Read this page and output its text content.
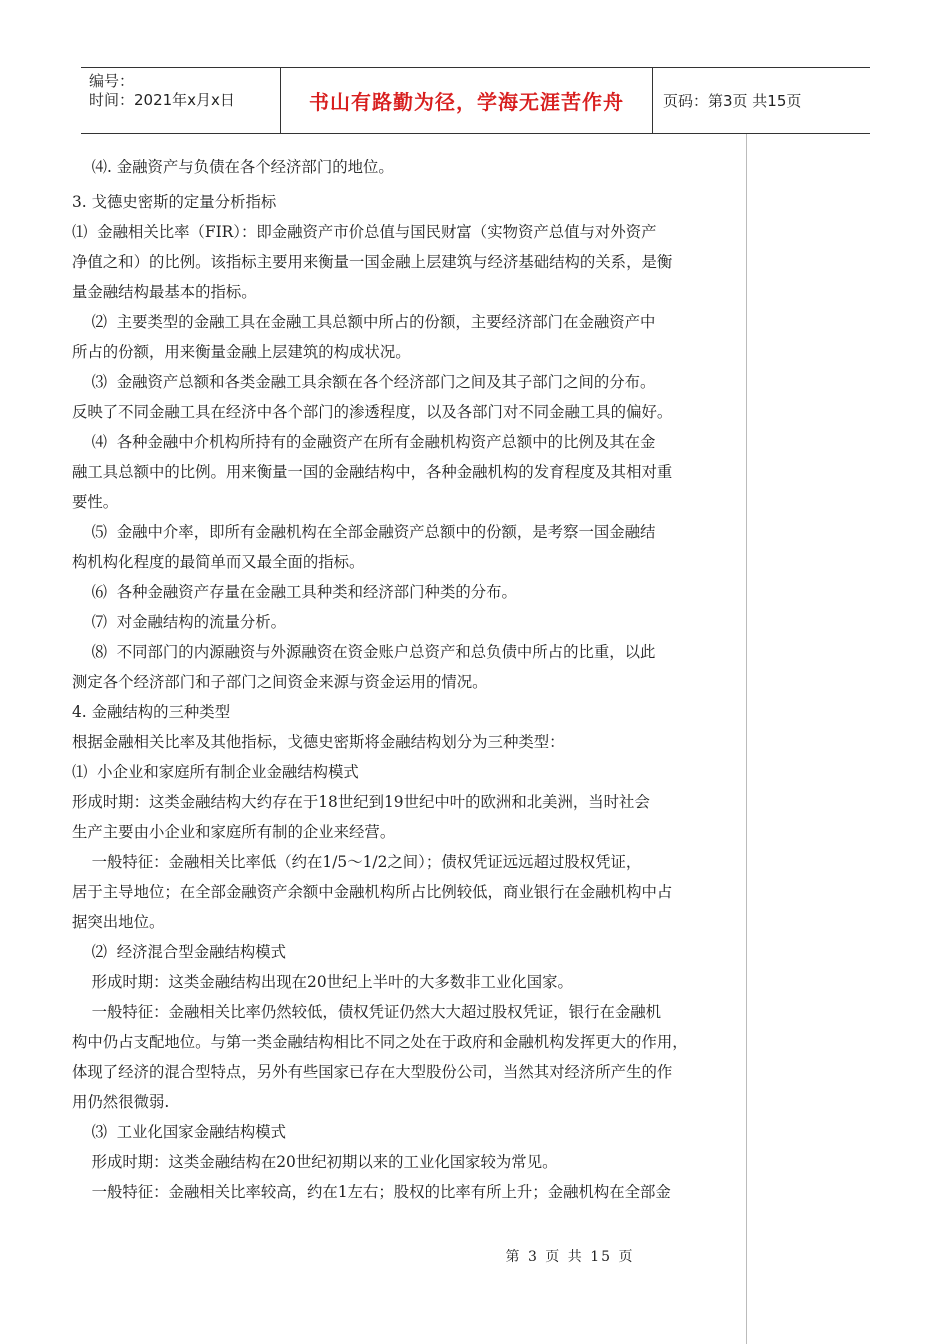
编号：
时间：2021年x月x日	书山有路勤为径，学海无涯苦作舟	页码：第3页 共15页
⑷. 金融资产与负债在各个经济部门的地位。
3. 戈德史密斯的定量分析指标
⑴  金融相关比率（FIR）：即金融资产市价总值与国民财富（实物资产总值与对外资产
净值之和）的比例。该指标主要用来衡量一国金融上层建筑与经济基础结构的关系，是衡
量金融结构最基本的指标。
⑵  主要类型的金融工具在金融工具总额中所占的份额，主要经济部门在金融资产中
所占的份额，用来衡量金融上层建筑的构成状况。
⑶  金融资产总额和各类金融工具余额在各个经济部门之间及其子部门之间的分布。
反映了不同金融工具在经济中各个部门的渗透程度，以及各部门对不同金融工具的偏好。
⑷  各种金融中介机构所持有的金融资产在所有金融机构资产总额中的比例及其在金
融工具总额中的比例。用来衡量一国的金融结构中，各种金融机构的发育程度及其相对重
要性。
⑸  金融中介率，即所有金融机构在全部金融资产总额中的份额，是考察一国金融结
构机构化程度的最简单而又最全面的指标。
⑹  各种金融资产存量在金融工具种类和经济部门种类的分布。
⑺  对金融结构的流量分析。
⑻  不同部门的内源融资与外源融资在资金账户总资产和总负债中所占的比重，以此
测定各个经济部门和子部门之间资金来源与资金运用的情况。
4. 金融结构的三种类型
根据金融相关比率及其他指标，戈德史密斯将金融结构划分为三种类型：
⑴  小企业和家庭所有制企业金融结构模式
形成时期：这类金融结构大约存在于18世纪到19世纪中叶的欧洲和北美洲，当时社会
生产主要由小企业和家庭所有制的企业来经营。
一般特征：金融相关比率低（约在1/5～1/2之间）；债权凭证远远超过股权凭证，
居于主导地位；在全部金融资产余额中金融机构所占比例较低，商业银行在金融机构中占
据突出地位。
⑵  经济混合型金融结构模式
形成时期：这类金融结构出现在20世纪上半叶的大多数非工业化国家。
一般特征：金融相关比率仍然较低，债权凭证仍然大大超过股权凭证，银行在金融机
构中仍占支配地位。与第一类金融结构相比不同之处在于政府和金融机构发挥更大的作用，
体现了经济的混合型特点，另外有些国家已存在大型股份公司，当然其对经济所产生的作
用仍然很微弱.
⑶  工业化国家金融结构模式
形成时期：这类金融结构在20世纪初期以来的工业化国家较为常见。
一般特征：金融相关比率较高，约在1左右；股权的比率有所上升；金融机构在全部金
第 3 页 共 15 页
